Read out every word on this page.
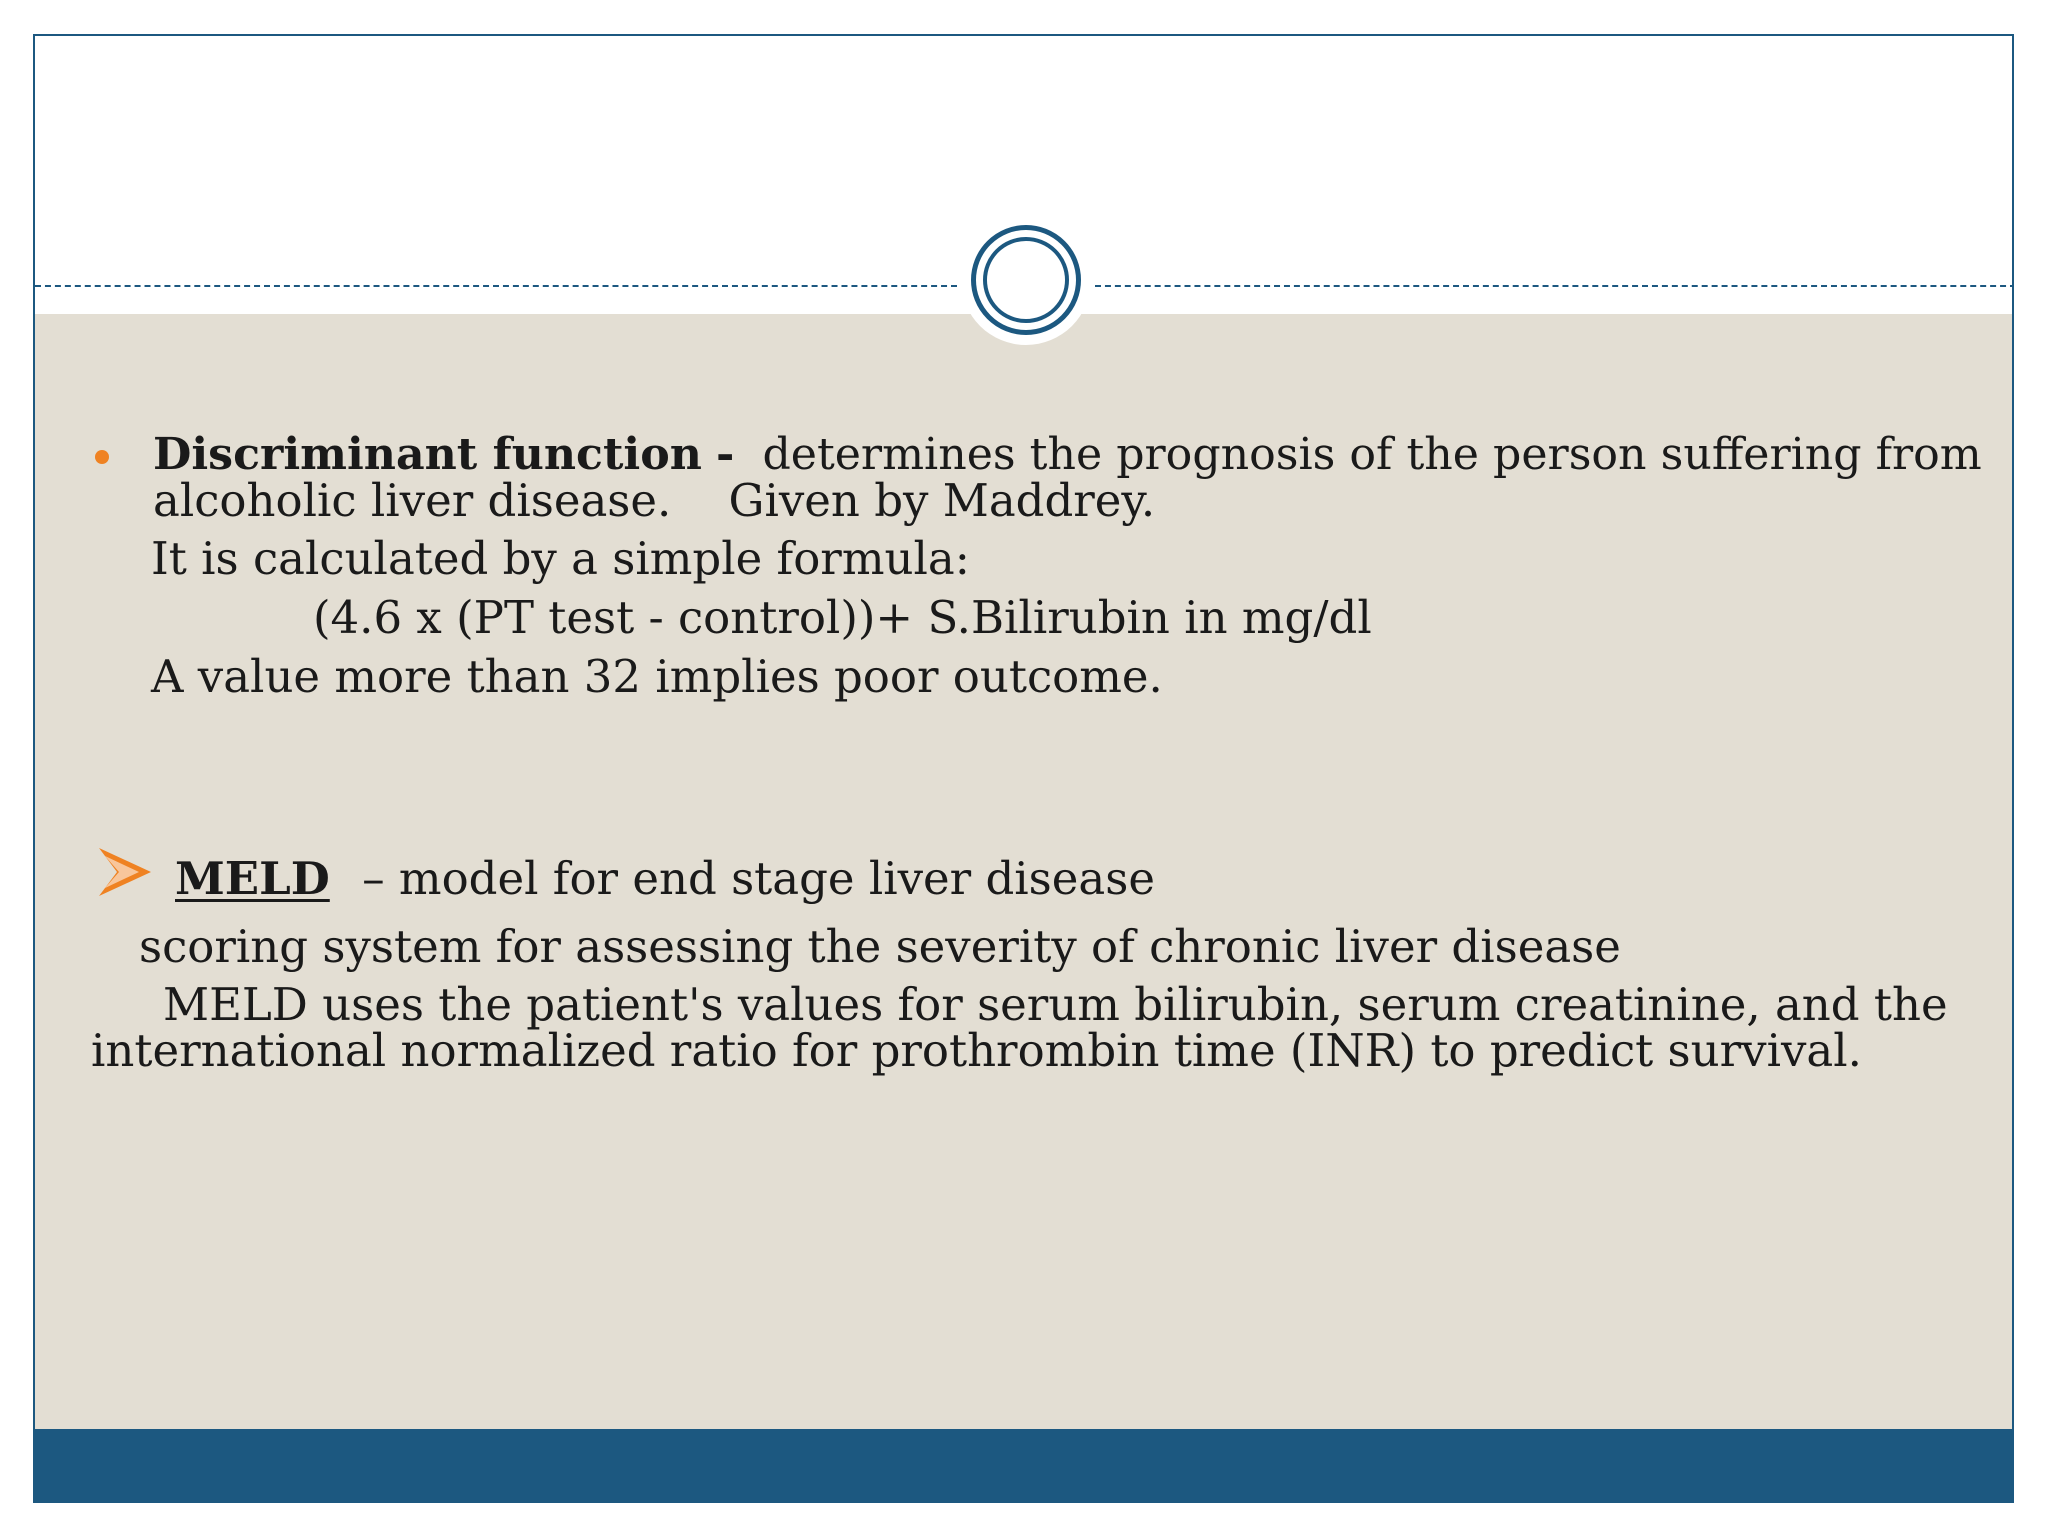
Discriminant function - determines the prognosis of the person suffering from
alcoholic liver disease.    Given by Maddrey.
It is calculated by a simple formula:
(4.6 x (PT test - control))+ S.Bilirubin in mg/dl
A value more than 32 implies poor outcome.
MELD – model for end stage liver disease
scoring system for assessing the severity of chronic liver disease
MELD uses the patient's values for serum bilirubin, serum creatinine, and the
international normalized ratio for prothrombin time (INR) to predict survival.
